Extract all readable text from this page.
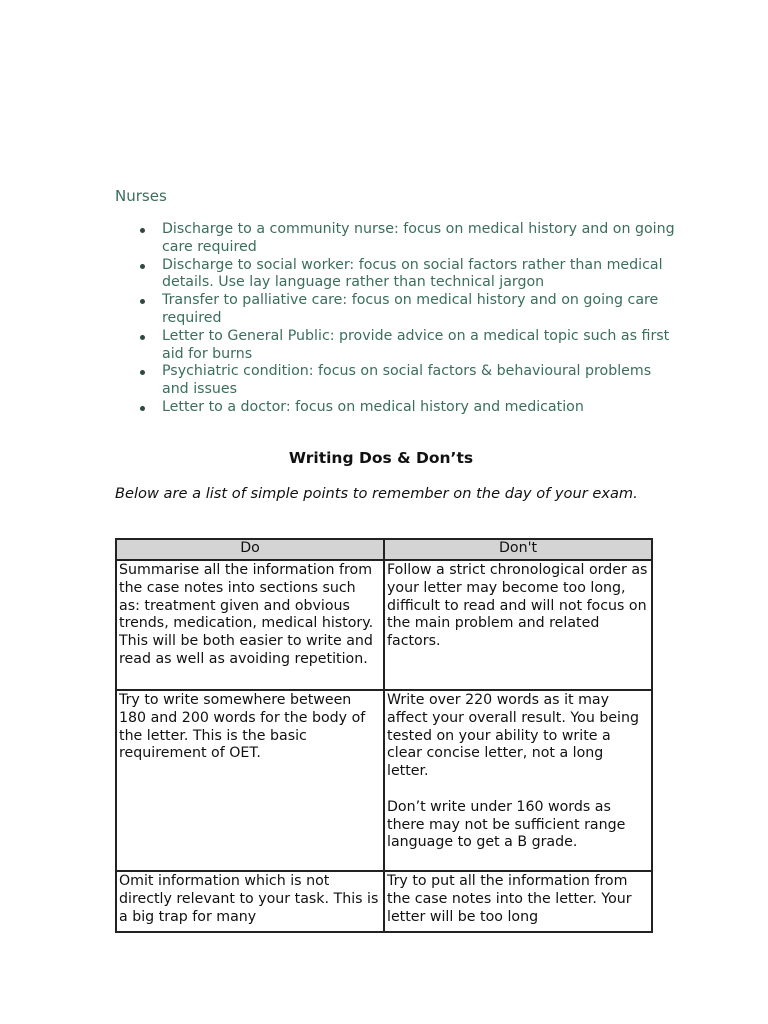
Nurses
Discharge to a community nurse: focus on medical history and on going care required
Discharge to social worker: focus on social factors rather than medical details. Use lay language rather than technical jargon
Transfer to palliative care: focus on medical history and on going care required
Letter to General Public: provide advice on a medical topic such as first aid for burns
Psychiatric condition: focus on social factors & behavioural problems and issues
Letter to a doctor: focus on medical history and medication
Writing Dos & Don’ts

Below are a list of simple points to remember on the day of your exam.

Do	Don't

Summarise all the information from the case notes into sections such as: treatment given and obvious trends, medication, medical history. This will be both easier to write and read as well as avoiding repetition.	Follow a strict chronological order as your letter may become too long, difficult to read and will not focus on the main problem and related factors.

Try to write somewhere between 180 and 200 words for the body of the letter. This is the basic requirement of OET.	Write over 220 words as it may affect your overall result. You being tested on your ability to write a clear concise letter, not a long letter.

Don’t write under 160 words as there may not be sufficient range language to get a B grade.

Omit information which is not directly relevant to your task. This is a big trap for many	Try to put all the information from the case notes into the letter. Your letter will be too long
